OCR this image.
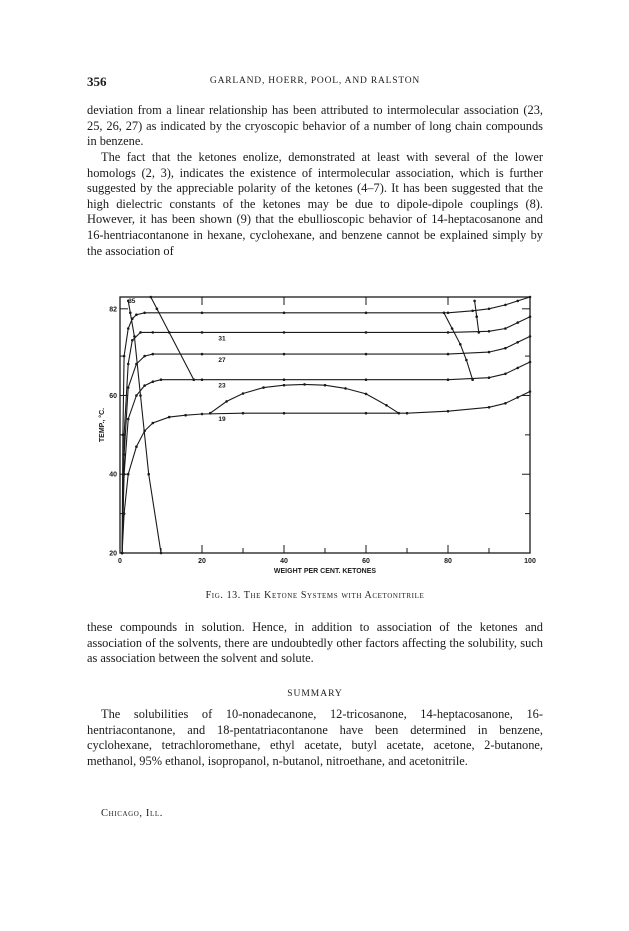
356	GARLAND, HOERR, POOL, AND RALSTON

deviation from a linear relationship has been attributed to intermolecular association (23, 25, 26, 27) as indicated by the cryoscopic behavior of a number of long chain compounds in benzene.

The fact that the ketones enolize, demonstrated at least with several of the lower homologs (2, 3), indicates the existence of intermolecular association, which is further suggested by the appreciable polarity of the ketones (4–7). It has been suggested that the high dielectric constants of the ketones may be due to dipole-dipole couplings (8). However, it has been shown (9) that the ebullioscopic behavior of 14-heptacosanone and 16-hentriacontanone in hexane, cyclohexane, and benzene cannot be explained simply by the association of

0	20	40	60	80	100
20
40
60
82
WEIGHT PER CENT. KETONES
TEMP., °C.
35
31
27
23
19
Fig. 13. The Ketone Systems with Acetonitrile

these compounds in solution. Hence, in addition to association of the ketones and association of the solvents, there are undoubtedly other factors affecting the solubility, such as association between the solvent and solute.

SUMMARY

The solubilities of 10-nonadecanone, 12-tricosanone, 14-heptacosanone, 16-hentriacontanone, and 18-pentatriacontanone have been determined in benzene, cyclohexane, tetrachloromethane, ethyl acetate, butyl acetate, acetone, 2-butanone, methanol, 95% ethanol, isopropanol, n-butanol, nitroethane, and acetonitrile.

Chicago, Ill.
